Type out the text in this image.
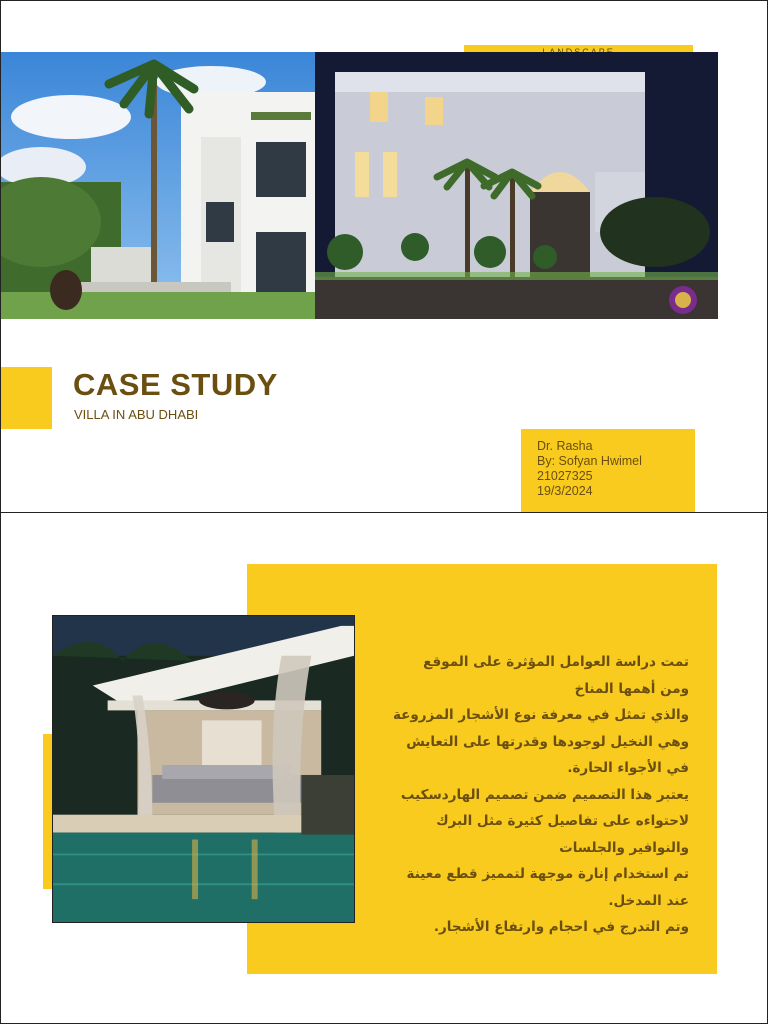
CASE STUDY
VILLA IN ABU DHABI
Dr. Rasha
By: Sofyan Hwimel
21027325
19/3/2024

تمت دراسة العوامل المؤثرة على الموقع

ومن أهمها المناخ

والذي تمثل في معرفة نوع الأشجار المزروعة

وهي النخيل لوجودها وقدرتها على التعايش

في الأجواء الحارة.

يعتبر هذا التصميم ضمن تصميم الهاردسكيب

لاحتواءه على تفاصيل كثيرة مثل البرك

والنوافير والجلسات

تم استخدام إنارة موجهة لتمميز قطع معينة

عند المدخل.

وتم التدرج في احجام وارتفاع الأشجار.
